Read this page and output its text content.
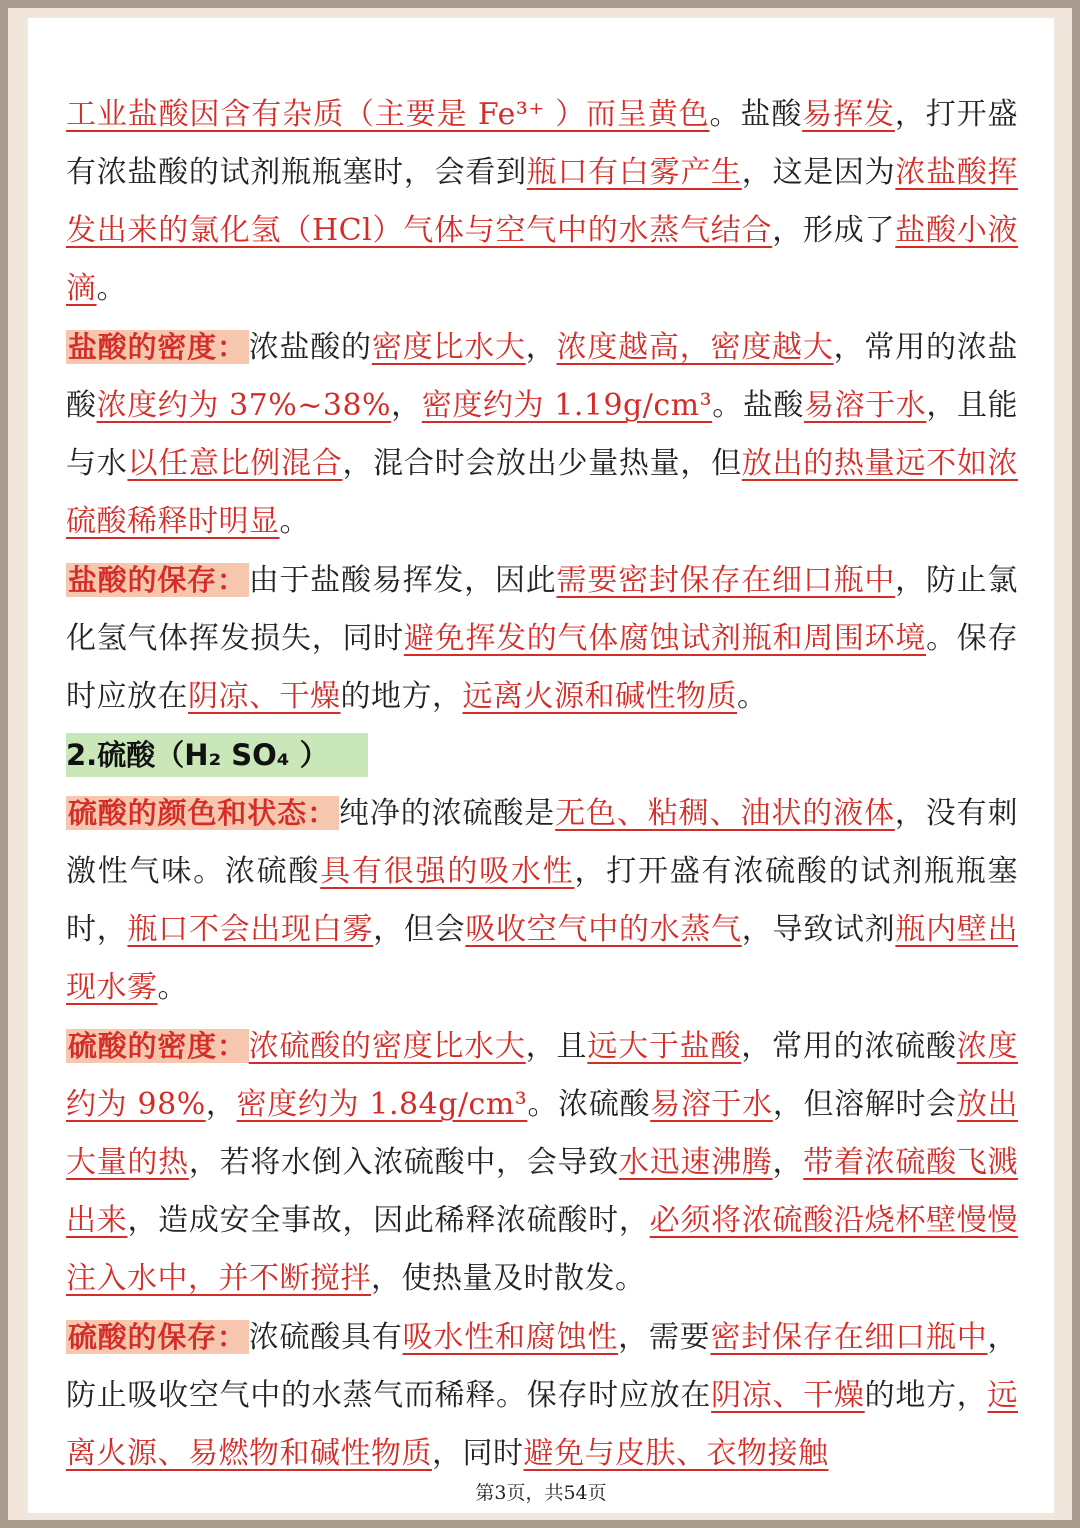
工业盐酸因含有杂质（主要是 Fe³⁺ ）而呈黄色。盐酸易挥发，打开盛有浓盐酸的试剂瓶瓶塞时，会看到瓶口有白雾产生，这是因为浓盐酸挥发出来的氯化氢（HCl）气体与空气中的水蒸气结合，形成了盐酸小液滴。

盐酸的密度：浓盐酸的密度比水大，浓度越高，密度越大，常用的浓盐酸浓度约为 37%~38%，密度约为 1.19g/cm³。盐酸易溶于水，且能与水以任意比例混合，混合时会放出少量热量，但放出的热量远不如浓硫酸稀释时明显。

盐酸的保存：由于盐酸易挥发，因此需要密封保存在细口瓶中，防止氯化氢气体挥发损失，同时避免挥发的气体腐蚀试剂瓶和周围环境。保存时应放在阴凉、干燥的地方，远离火源和碱性物质。

2.硫酸（H₂ SO₄ ）

硫酸的颜色和状态：纯净的浓硫酸是无色、粘稠、油状的液体，没有刺激性气味。浓硫酸具有很强的吸水性，打开盛有浓硫酸的试剂瓶瓶塞时，瓶口不会出现白雾，但会吸收空气中的水蒸气，导致试剂瓶内壁出现水雾。

硫酸的密度：浓硫酸的密度比水大，且远大于盐酸，常用的浓硫酸浓度约为 98%，密度约为 1.84g/cm³。浓硫酸易溶于水，但溶解时会放出大量的热，若将水倒入浓硫酸中，会导致水迅速沸腾，带着浓硫酸飞溅出来，造成安全事故，因此稀释浓硫酸时，必须将浓硫酸沿烧杯壁慢慢注入水中，并不断搅拌，使热量及时散发。

硫酸的保存：浓硫酸具有吸水性和腐蚀性，需要密封保存在细口瓶中，防止吸收空气中的水蒸气而稀释。保存时应放在阴凉、干燥的地方，远离火源、易燃物和碱性物质，同时避免与皮肤、衣物接触

第3页，共54页
